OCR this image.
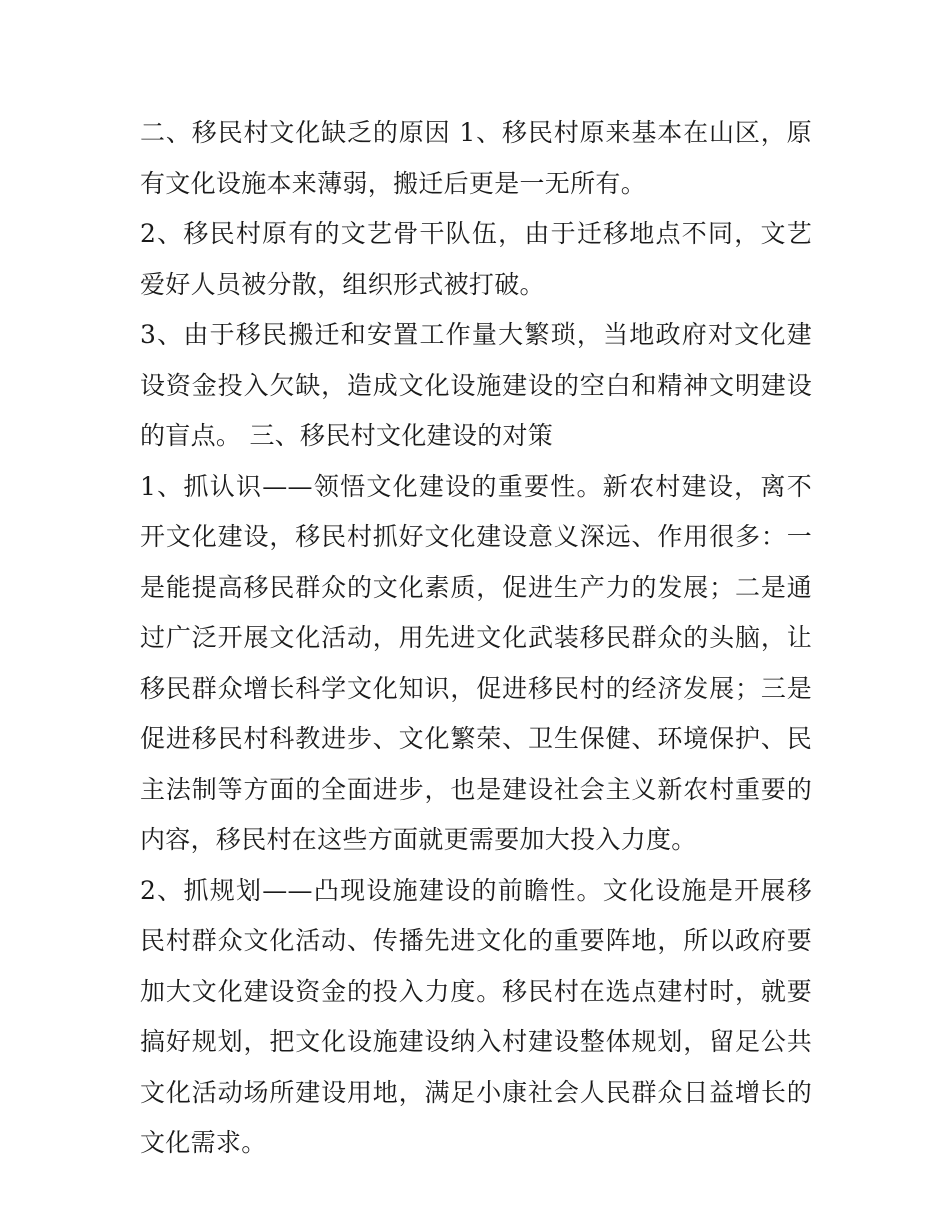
二、移民村文化缺乏的原因 1、移民村原来基本在山区，原有文化设施本来薄弱，搬迁后更是一无所有。

2、移民村原有的文艺骨干队伍，由于迁移地点不同，文艺爱好人员被分散，组织形式被打破。

3、由于移民搬迁和安置工作量大繁琐，当地政府对文化建设资金投入欠缺，造成文化设施建设的空白和精神文明建设的盲点。 三、移民村文化建设的对策

1、抓认识——领悟文化建设的重要性。新农村建设，离不开文化建设，移民村抓好文化建设意义深远、作用很多：一是能提高移民群众的文化素质，促进生产力的发展；二是通过广泛开展文化活动，用先进文化武装移民群众的头脑，让移民群众增长科学文化知识，促进移民村的经济发展；三是促进移民村科教进步、文化繁荣、卫生保健、环境保护、民主法制等方面的全面进步，也是建设社会主义新农村重要的内容，移民村在这些方面就更需要加大投入力度。

2、抓规划——凸现设施建设的前瞻性。文化设施是开展移民村群众文化活动、传播先进文化的重要阵地，所以政府要加大文化建设资金的投入力度。移民村在选点建村时，就要搞好规划，把文化设施建设纳入村建设整体规划，留足公共文化活动场所建设用地，满足小康社会人民群众日益增长的文化需求。
